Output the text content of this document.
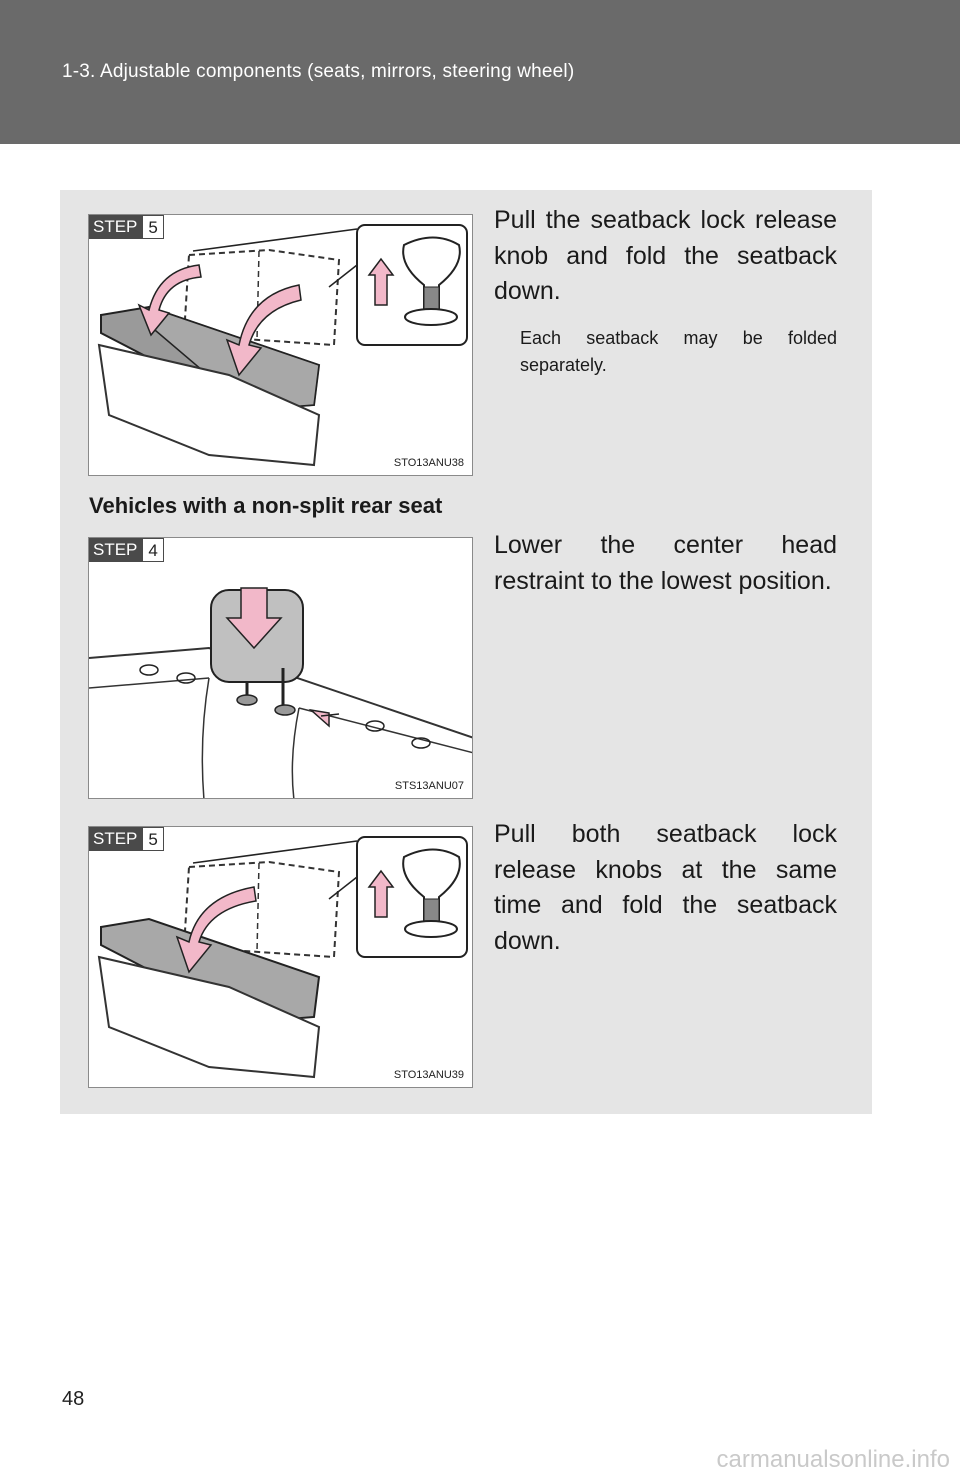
1-3. Adjustable components (seats, mirrors, steering wheel)
STEP 5
STO13ANU38
Pull the seatback lock release knob and fold the seatback down.
Each seatback may be folded separately.
Vehicles with a non-split rear seat
STEP 4
STS13ANU07
Lower the center head restraint to the lowest position.
STEP 5
STO13ANU39
Pull both seatback lock release knobs at the same time and fold the seatback down.
48
carmanualsonline.info
